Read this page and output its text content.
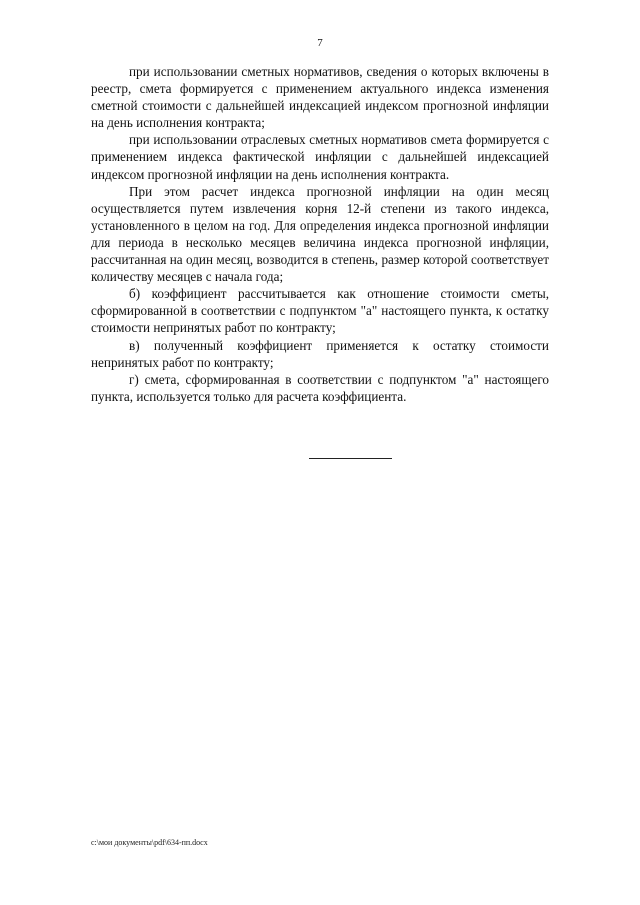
7

при использовании сметных нормативов, сведения о которых включены в реестр, смета формируется с применением актуального индекса изменения сметной стоимости с дальнейшей индексацией индексом прогнозной инфляции на день исполнения контракта;

при использовании отраслевых сметных нормативов смета формируется с применением индекса фактической инфляции с дальнейшей индексацией индексом прогнозной инфляции на день исполнения контракта.

При этом расчет индекса прогнозной инфляции на один месяц осуществляется путем извлечения корня 12-й степени из такого индекса, установленного в целом на год. Для определения индекса прогнозной инфляции для периода в несколько месяцев величина индекса прогнозной инфляции, рассчитанная на один месяц, возводится в степень, размер которой соответствует количеству месяцев с начала года;

б) коэффициент рассчитывается как отношение стоимости сметы, сформированной в соответствии с подпунктом "а" настоящего пункта, к остатку стоимости непринятых работ по контракту;

в) полученный коэффициент применяется к остатку стоимости непринятых работ по контракту;

г) смета, сформированная в соответствии с подпунктом "а" настоящего пункта, используется только для расчета коэффициента.

c:\мои документы\pdf\634-пп.docx
